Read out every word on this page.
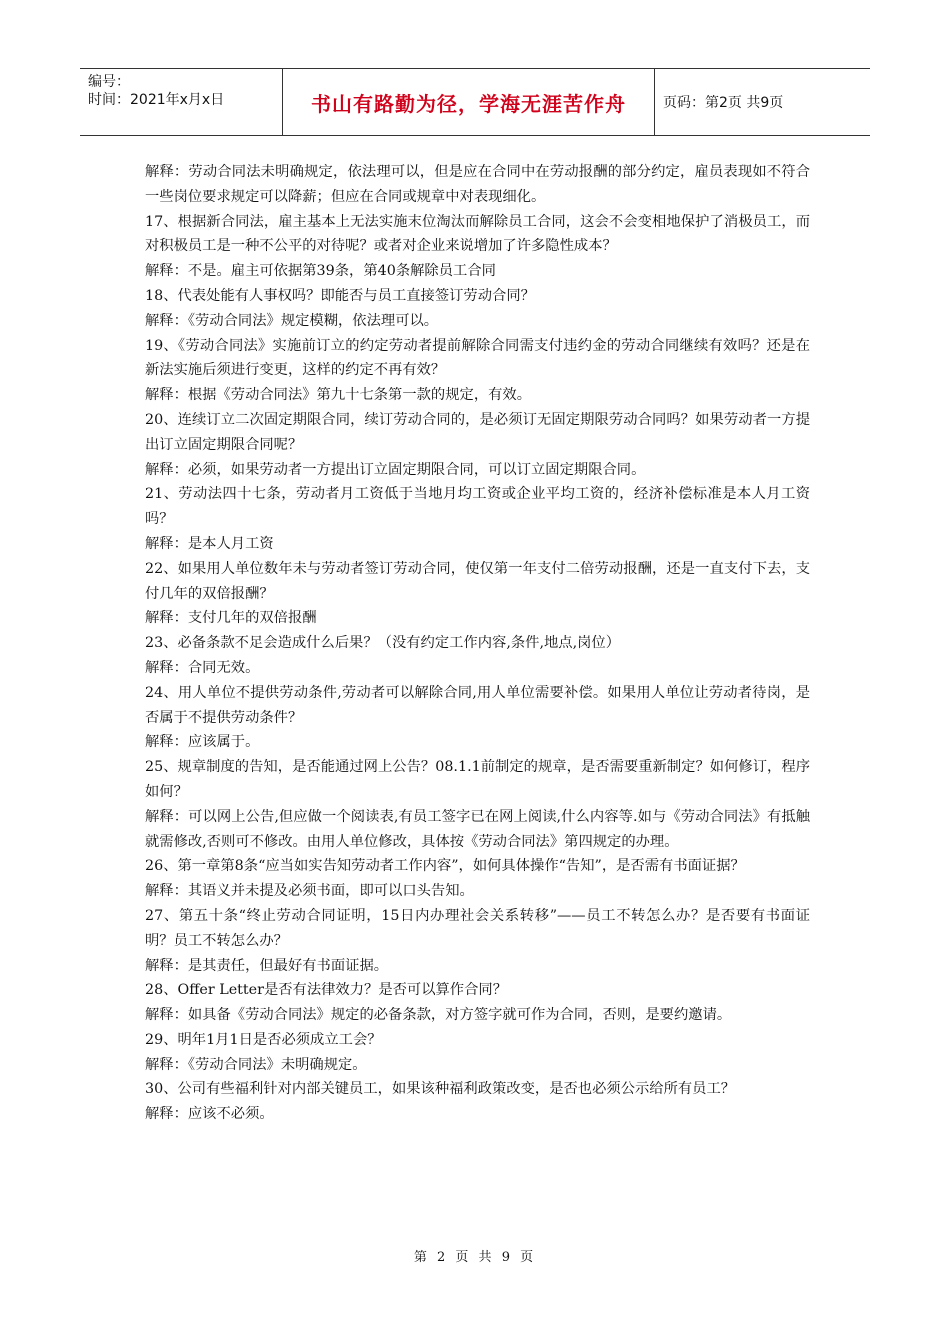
编号：
时间：2021年x月x日	书山有路勤为径，学海无涯苦作舟	页码：第2页 共9页

解释：劳动合同法未明确规定，依法理可以，但是应在合同中在劳动报酬的部分约定，雇员表现如不符合一些岗位要求规定可以降薪；但应在合同或规章中对表现细化。

17、根据新合同法，雇主基本上无法实施末位淘汰而解除员工合同，这会不会变相地保护了消极员工，而对积极员工是一种不公平的对待呢？或者对企业来说增加了许多隐性成本？

解释：不是。雇主可依据第39条，第40条解除员工合同

18、代表处能有人事权吗？即能否与员工直接签订劳动合同？

解释：《劳动合同法》规定模糊，依法理可以。

19、《劳动合同法》实施前订立的约定劳动者提前解除合同需支付违约金的劳动合同继续有效吗？还是在新法实施后须进行变更，这样的约定不再有效？

解释：根据《劳动合同法》第九十七条第一款的规定，有效。

20、连续订立二次固定期限合同，续订劳动合同的，是必须订无固定期限劳动合同吗？如果劳动者一方提出订立固定期限合同呢？

解释：必须，如果劳动者一方提出订立固定期限合同，可以订立固定期限合同。

21、劳动法四十七条，劳动者月工资低于当地月均工资或企业平均工资的，经济补偿标准是本人月工资吗？

解释：是本人月工资

22、如果用人单位数年未与劳动者签订劳动合同，使仅第一年支付二倍劳动报酬，还是一直支付下去，支付几年的双倍报酬？

解释：支付几年的双倍报酬

23、必备条款不足会造成什么后果？（没有约定工作内容,条件,地点,岗位）

解释：合同无效。

24、用人单位不提供劳动条件,劳动者可以解除合同,用人单位需要补偿。如果用人单位让劳动者待岗，是否属于不提供劳动条件？

解释：应该属于。

25、规章制度的告知，是否能通过网上公告？08.1.1前制定的规章，是否需要重新制定？如何修订，程序如何？

解释：可以网上公告,但应做一个阅读表,有员工签字已在网上阅读,什么内容等.如与《劳动合同法》有抵触就需修改,否则可不修改。由用人单位修改，具体按《劳动合同法》第四规定的办理。

26、第一章第8条“应当如实告知劳动者工作内容”，如何具体操作“告知”，是否需有书面证据？

解释：其语义并未提及必须书面，即可以口头告知。

27、第五十条“终止劳动合同证明，15日内办理社会关系转移”——员工不转怎么办？是否要有书面证明？员工不转怎么办？

解释：是其责任，但最好有书面证据。

28、Offer Letter是否有法律效力？是否可以算作合同？

解释：如具备《劳动合同法》规定的必备条款，对方签字就可作为合同，否则，是要约邀请。

29、明年1月1日是否必须成立工会？

解释：《劳动合同法》未明确规定。

30、公司有些福利针对内部关键员工，如果该种福利政策改变，是否也必须公示给所有员工？

解释：应该不必须。

第 2 页 共 9 页
